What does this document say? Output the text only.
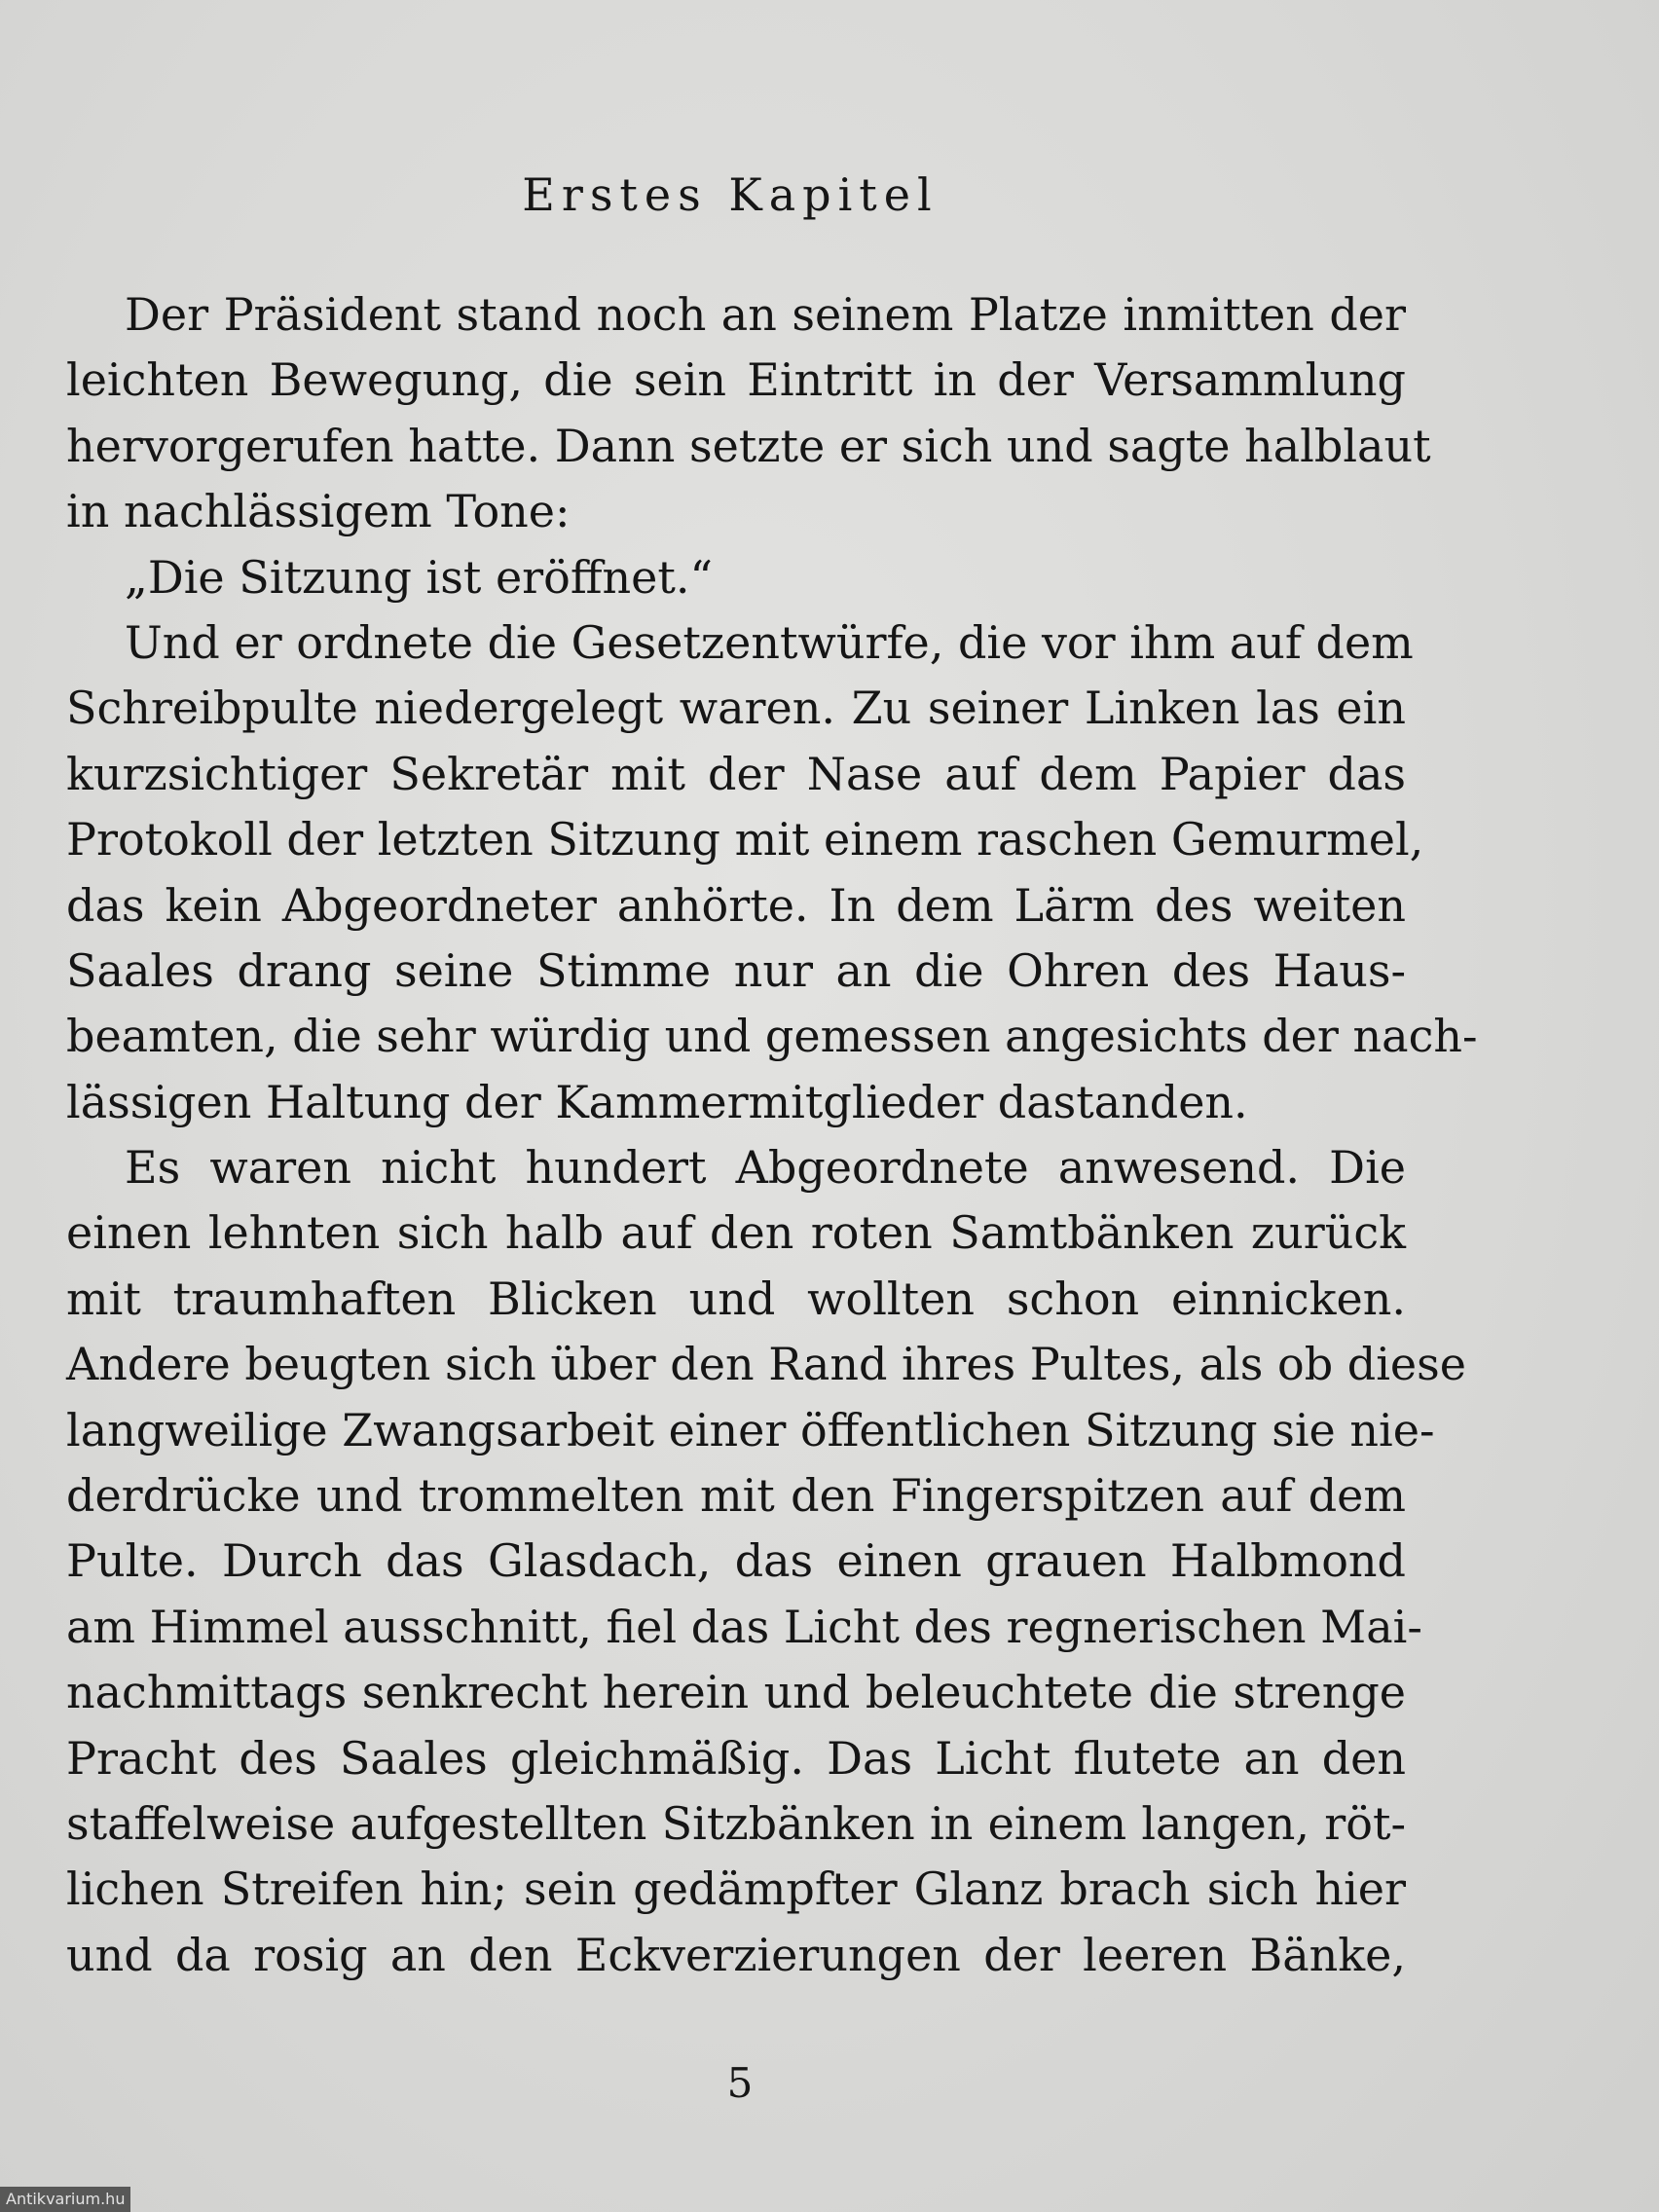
Erstes Kapitel
Der Präsident stand noch an seinem Platze inmitten der
leichten Bewegung, die sein Eintritt in der Versammlung
hervorgerufen hatte. Dann setzte er sich und sagte halblaut
in nachlässigem Tone:
„Die Sitzung ist eröffnet.“
Und er ordnete die Gesetzentwürfe, die vor ihm auf dem
Schreibpulte niedergelegt waren. Zu seiner Linken las ein
kurzsichtiger Sekretär mit der Nase auf dem Papier das
Protokoll der letzten Sitzung mit einem raschen Gemurmel,
das kein Abgeordneter anhörte. In dem Lärm des weiten
Saales drang seine Stimme nur an die Ohren des Haus-
beamten, die sehr würdig und gemessen angesichts der nach-
lässigen Haltung der Kammermitglieder dastanden.
Es waren nicht hundert Abgeordnete anwesend. Die
einen lehnten sich halb auf den roten Samtbänken zurück
mit traumhaften Blicken und wollten schon einnicken.
Andere beugten sich über den Rand ihres Pultes, als ob diese
langweilige Zwangsarbeit einer öffentlichen Sitzung sie nie-
derdrücke und trommelten mit den Fingerspitzen auf dem
Pulte. Durch das Glasdach, das einen grauen Halbmond
am Himmel ausschnitt, fiel das Licht des regnerischen Mai-
nachmittags senkrecht herein und beleuchtete die strenge
Pracht des Saales gleichmäßig. Das Licht flutete an den
staffelweise aufgestellten Sitzbänken in einem langen, röt-
lichen Streifen hin; sein gedämpfter Glanz brach sich hier
und da rosig an den Eckverzierungen der leeren Bänke,
5
Antikvarium.hu
